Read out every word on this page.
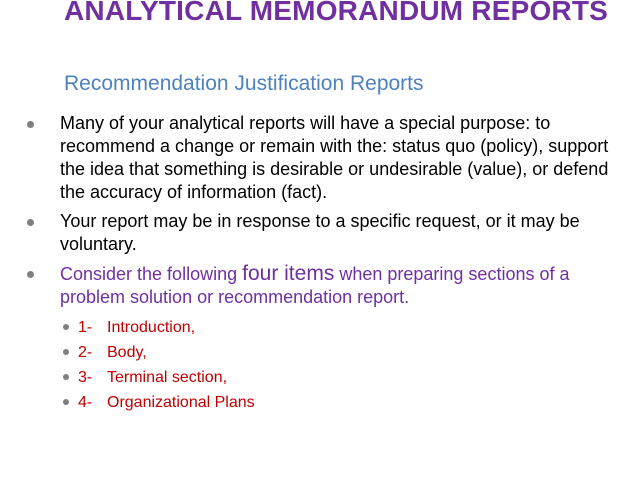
ANALYTICAL MEMORANDUM REPORTS
Recommendation Justification Reports
Many of your analytical reports will have a special purpose: to recommend a change or remain with the: status quo (policy), support the idea that something is desirable or undesirable (value), or defend the accuracy of information (fact).
Your report may be in response to a specific request, or it may be voluntary.
Consider the following four items when preparing sections of a problem solution or recommendation report.
1- Introduction,
2- Body,
3- Terminal section,
4- Organizational Plans
